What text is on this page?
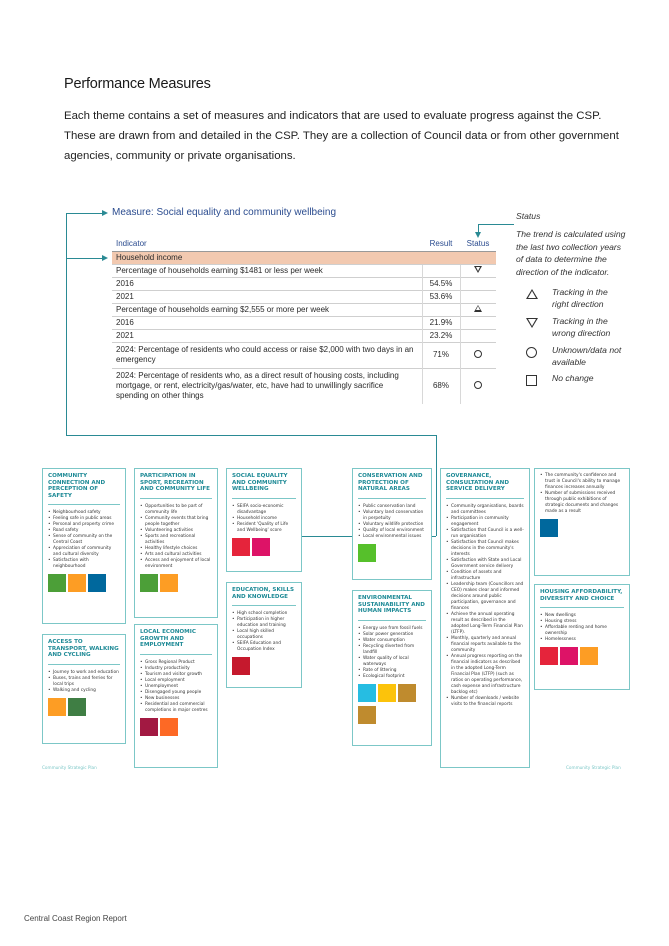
Performance Measures

Each theme contains a set of measures and indicators that are used to evaluate progress against the CSP. These are drawn from and detailed in the CSP. They are a collection of Council data or from other government agencies, community or private organisations.

Measure: Social equality and community wellbeing
Indicator	Result	Status
Household income		
Percentage of households earning $1481 or less per week		
2016	54.5%	
2021	53.6%	
Percentage of households earning $2,555 or more per week		
2016	21.9%	
2021	23.2%	
2024: Percentage of residents who could access or raise $2,000 with two days in an emergency	71%	
2024: Percentage of residents who, as a direct result of housing costs, including mortgage, or rent, electricity/gas/water, etc, have had to unwillingly sacrifice spending on other things	68%	
Status
The trend is calculated using the last two collection years of data to determine the direction of the indicator.
Tracking in the right direction
Tracking in the wrong direction
Unknown/data not available
No change
COMMUNITY CONNECTION AND PERCEPTION OF SAFETY
• Neighbourhood safety
• Feeling safe in public areas
• Personal and property crime
• Road safety
• Sense of community on the Central Coast
• Appreciation of community and cultural diversity
• Satisfaction with neighbourhood
ACCESS TO TRANSPORT, WALKING AND CYCLING
• Journey to work and education
• Buses, trains and ferries for local trips
• Walking and cycling
PARTICIPATION IN SPORT, RECREATION AND COMMUNITY LIFE
• Opportunities to be part of community life
• Community events that bring people together
• Volunteering activities
• Sports and recreational activities
• Healthy lifestyle choices
• Arts and cultural activities
• Access and enjoyment of local environment
LOCAL ECONOMIC GROWTH AND EMPLOYMENT
• Gross Regional Product
• Industry productivity
• Tourism and visitor growth
• Local employment
• Unemployment
• Disengaged young people
• New businesses
• Residential and commercial completions in major centres
SOCIAL EQUALITY AND COMMUNITY WELLBEING
• SEIFA socio-economic disadvantage
• Household income
• Resident 'Quality of Life and Wellbeing' score
EDUCATION, SKILLS AND KNOWLEDGE
• High school completion
• Participation in higher education and training
• Local high skilled occupations
• SEIFA Education and Occupation Index
CONSERVATION AND PROTECTION OF NATURAL AREAS
• Public conservation land
• Voluntary land conservation in perpetuity
• Voluntary wildlife protection
• Quality of local environment
• Local environmental issues
ENVIRONMENTAL SUSTAINABILITY AND HUMAN IMPACTS
• Energy use from fossil fuels
• Solar power generation
• Water consumption
• Recycling diverted from landfill
• Water quality of local waterways
• Rate of littering
• Ecological footprint
GOVERNANCE, CONSULTATION AND SERVICE DELIVERY
• Community organisations, boards and committees
• Participation in community engagement
• Satisfaction that Council is a well-run organisation
• Satisfaction that Council makes decisions in the community's interests
• Satisfaction with State and Local Government service delivery
• Condition of assets and infrastructure
• Leadership team (Councillors and CEO) makes clear and informed decisions around public participation, governance and finances
• Achieve the annual operating result as described in the adopted Long-Term Financial Plan (LTFP).
• Monthly, quarterly and annual financial reports available to the community
• Annual progress reporting on the financial indicators as described in the adopted Long-Term Financial Plan (LTFP) (such as ratios on operating performance, cash expense and infrastructure backlog etc)
• Number of downloads / website visits to the financial reports
• The community's confidence and trust in Council's ability to manage finances increases annually
• Number of submissions received through public exhibitions of strategic documents and changes made as a result
HOUSING AFFORDABILITY, DIVERSITY AND CHOICE
• New dwellings
• Housing stress
• Affordable renting and home ownership
• Homelessness
Community Strategic Plan	Community Strategic Plan
Central Coast Region Report
